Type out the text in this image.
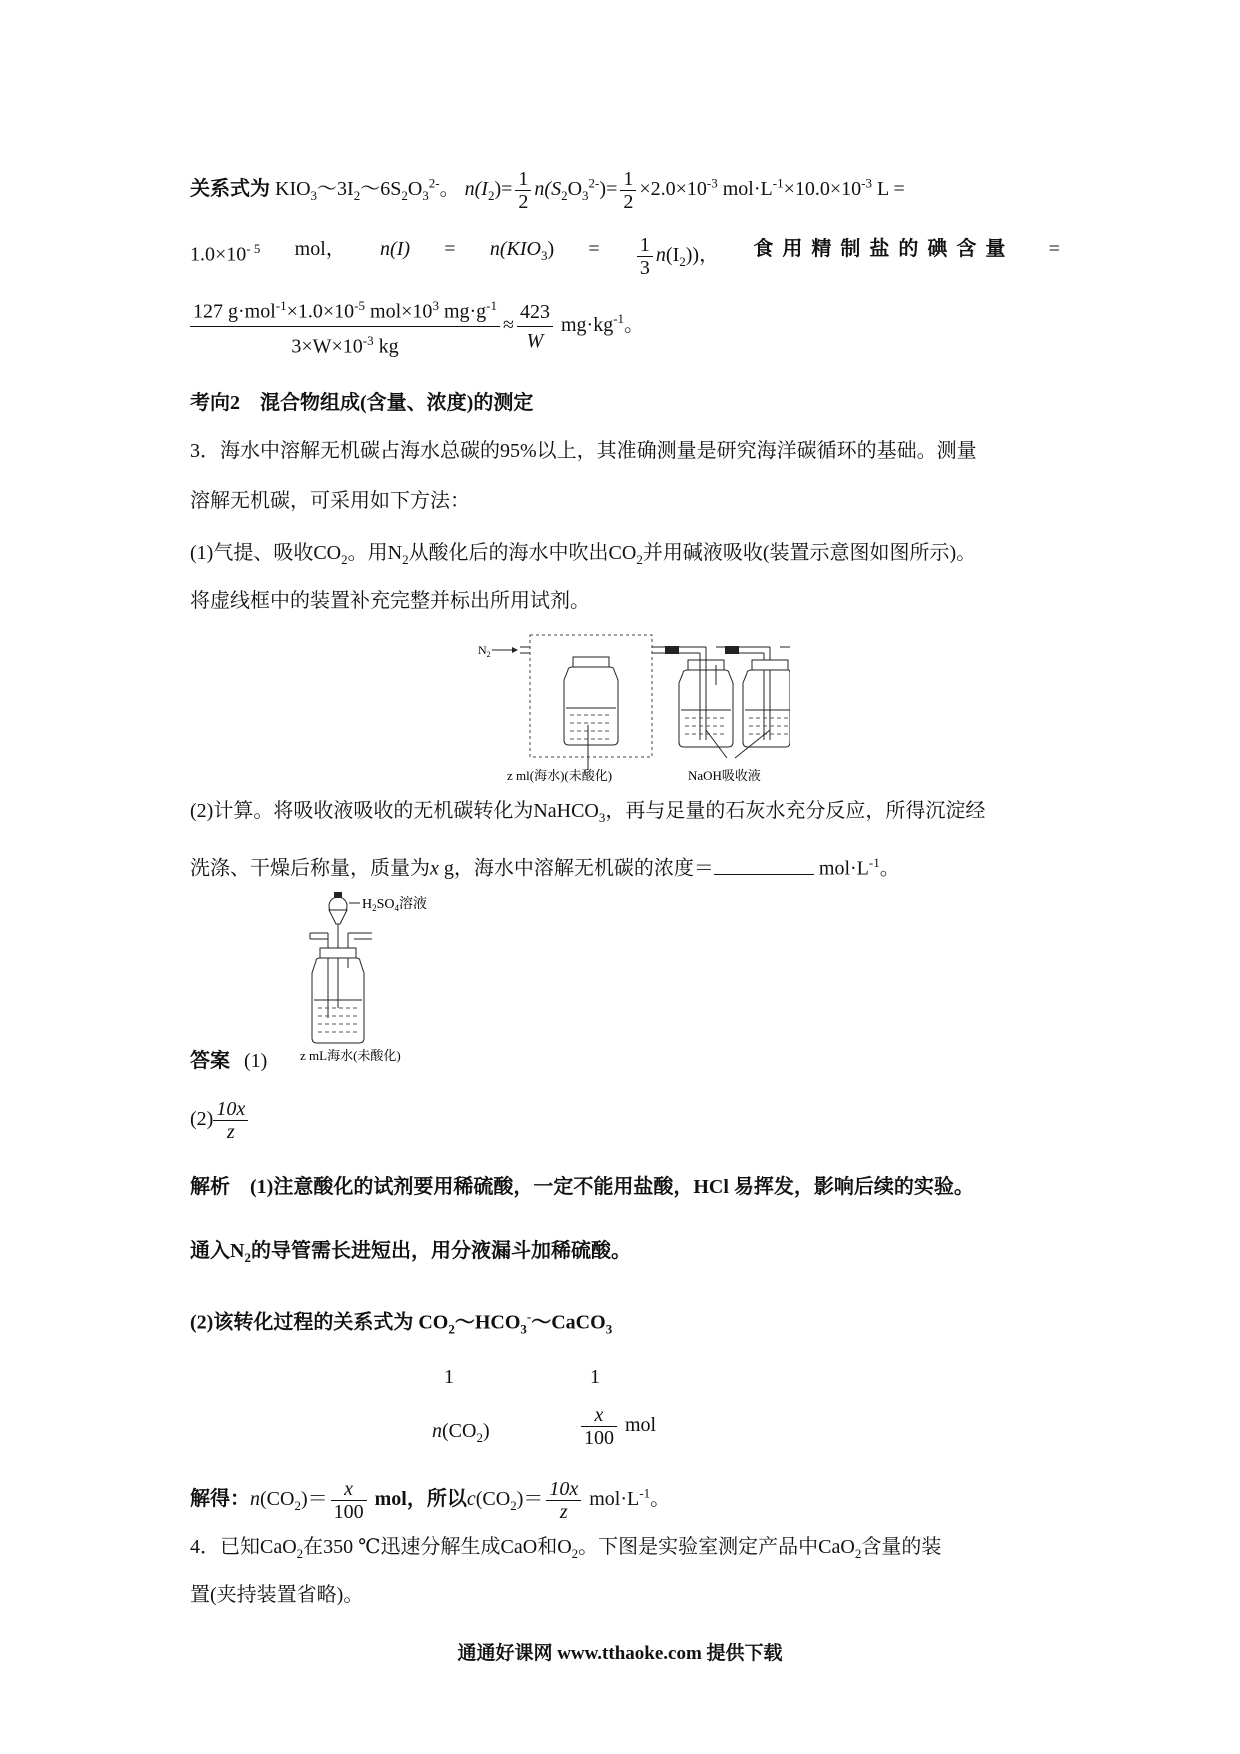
关系式为 $KIO_3\sim 3I_2\sim 6S_2O_3^{2-}$。 $n(I_2)= \frac{1}{2} n(S_2O_3^{2-})= \frac{1}{2} \times 2.0\times 10^{-3}$ $mol\cdot L^{-1}\times 10.0\times 10^{-3}$ L =
$1.0\times 10^{- 5}$ mol， $n(I) = n(KIO_3) = \frac{1}{3} n(I_2)$)， 食用精制盐的碘含量 =
$\frac{127 g\cdot mol^{-1}\times 1.0\times 10^{-5} mol\times 10^3 mg\cdot g^{-1}}{3\times W\times 10^{-3} kg} \approx \frac{423}{W} mg\cdot kg^{-1}$。
考向2　混合物组成(含量、浓度)的测定
3．海水中溶解无机碳占海水总碳的95%以上，其准确测量是研究海洋碳循环的基础。测量
溶解无机碳，可采用如下方法：
(1)气提、吸收$CO_2$。用$N_2$从酸化后的海水中吹出$CO_2$并用碱液吸收(装置示意图如图所示)。
将虚线框中的装置补充完整并标出所用试剂。
$N_2$
z ml(海水)(未酸化)	NaOH吸收液
(2)计算。将吸收液吸收的无机碳转化为NaHCO$_3$，再与足量的石灰水充分反应，所得沉淀经
洗涤、干燥后称量，质量为x g，海水中溶解无机碳的浓度＝	$mol\cdot L^{-1}$。
$H_2SO_4$溶液
z mL海水(未酸化)
答案 (1)
$(2) \frac{10x}{z}$
解析　 (1)注意酸化的试剂要用稀硫酸，一定不能用盐酸，HCl 易挥发，影响后续的实验。
通入$N_2$的导管需长进短出，用分液漏斗加稀硫酸。
(2)该转化过程的关系式为 $CO_2\sim HCO_3^-\sim CaCO_3$
1	1
$n(CO_2)$	$\frac{x}{100}$ mol
解得：$n(CO_2)= \frac{x}{100}$ mol，所以$c(CO_2)= \frac{10x}{z} mol\cdot L^{-1}$。
4．已知CaO$_2$在350 ℃迅速分解生成CaO和$O_2$。下图是实验室测定产品中CaO$_2$含量的装
置(夹持装置省略)。
通通好课网 www.tthaoke.com 提供下载
